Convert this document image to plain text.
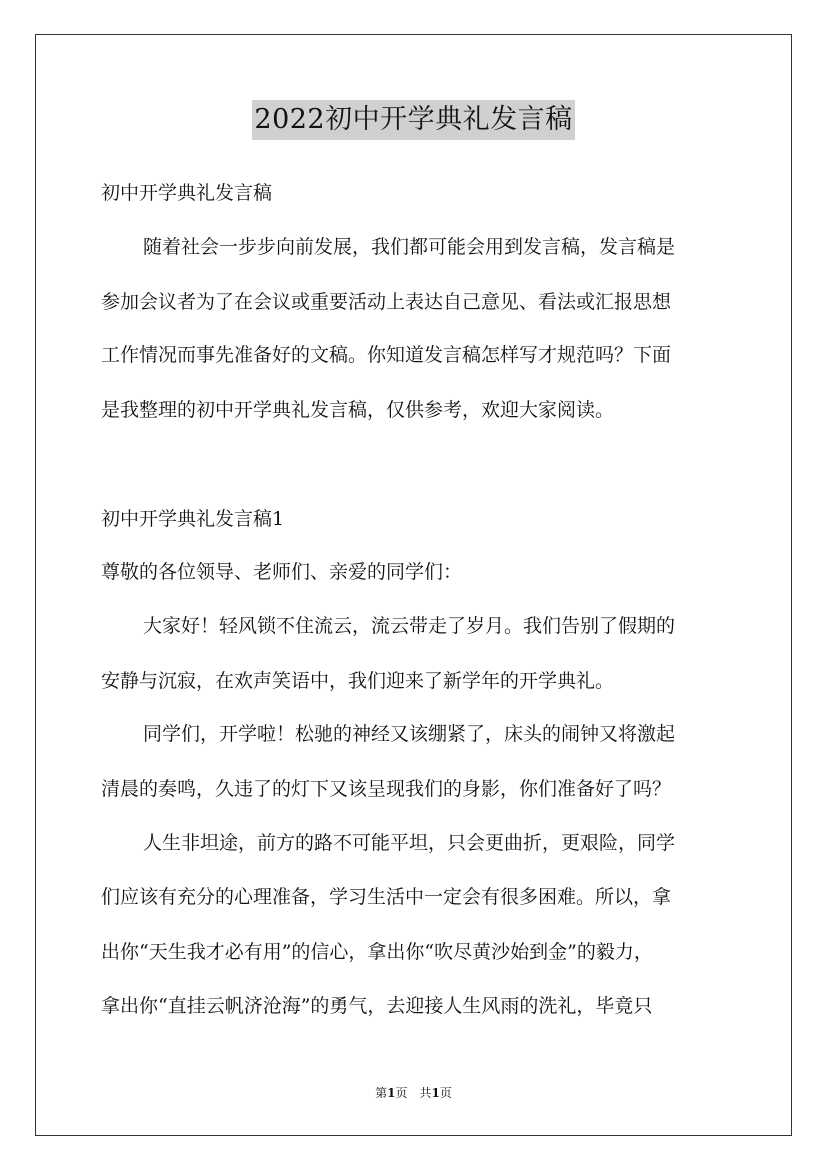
2022初中开学典礼发言稿
初中开学典礼发言稿
随着社会一步步向前发展，我们都可能会用到发言稿，发言稿是
参加会议者为了在会议或重要活动上表达自己意见、看法或汇报思想
工作情况而事先准备好的文稿。你知道发言稿怎样写才规范吗？下面
是我整理的初中开学典礼发言稿，仅供参考，欢迎大家阅读。
初中开学典礼发言稿1
尊敬的各位领导、老师们、亲爱的同学们：
大家好！轻风锁不住流云，流云带走了岁月。我们告别了假期的
安静与沉寂，在欢声笑语中，我们迎来了新学年的开学典礼。
同学们，开学啦！松驰的神经又该绷紧了，床头的闹钟又将激起
清晨的奏鸣，久违了的灯下又该呈现我们的身影，你们准备好了吗？
人生非坦途，前方的路不可能平坦，只会更曲折，更艰险，同学
们应该有充分的心理准备，学习生活中一定会有很多困难。所以，拿
出你“天生我才必有用”的信心，拿出你“吹尽黄沙始到金”的毅力，
拿出你“直挂云帆济沧海”的勇气，去迎接人生风雨的洗礼，毕竟只
第1页　共1页
